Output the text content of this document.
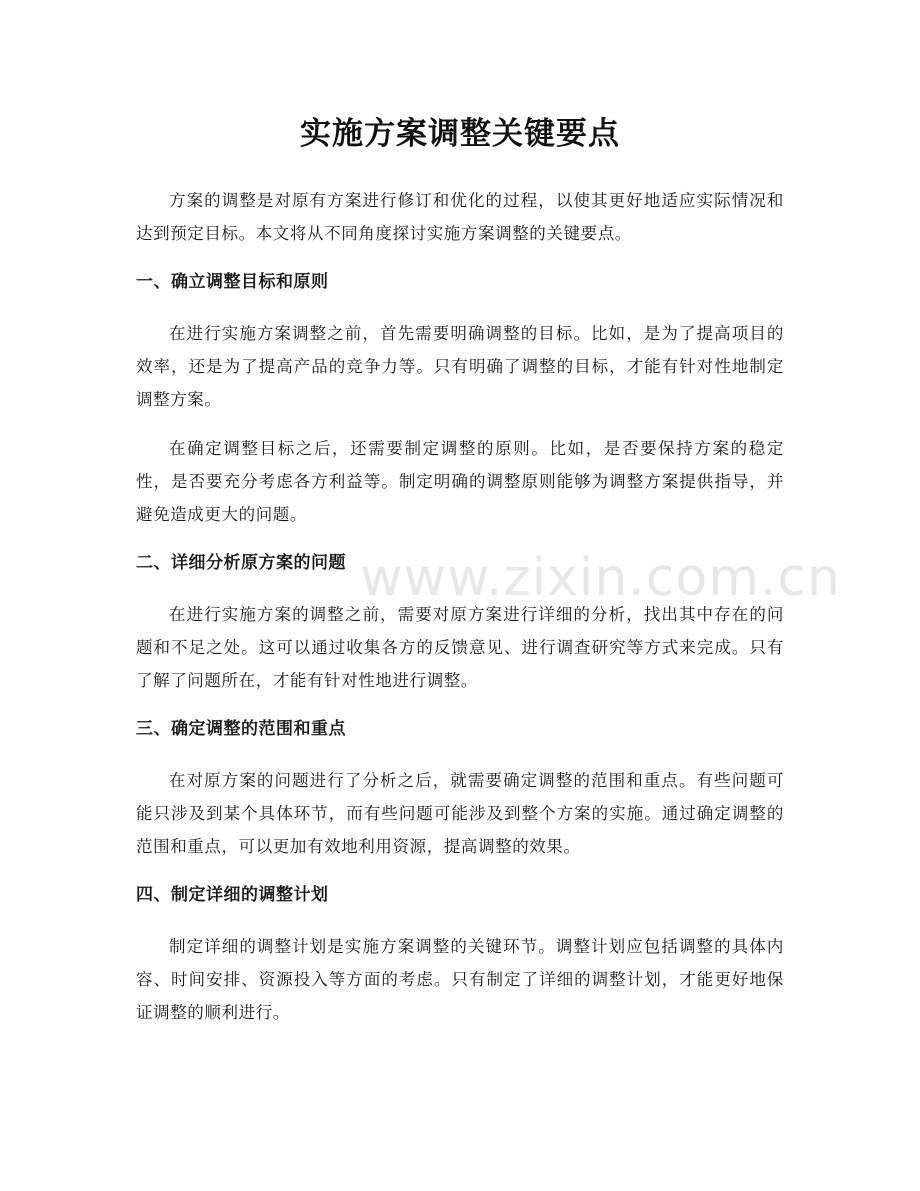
实施方案调整关键要点

方案的调整是对原有方案进行修订和优化的过程，以使其更好地适应实际情况和达到预定目标。本文将从不同角度探讨实施方案调整的关键要点。

一、确立调整目标和原则

在进行实施方案调整之前，首先需要明确调整的目标。比如，是为了提高项目的效率，还是为了提高产品的竞争力等。只有明确了调整的目标，才能有针对性地制定调整方案。

在确定调整目标之后，还需要制定调整的原则。比如，是否要保持方案的稳定性，是否要充分考虑各方利益等。制定明确的调整原则能够为调整方案提供指导，并避免造成更大的问题。

二、详细分析原方案的问题

在进行实施方案的调整之前，需要对原方案进行详细的分析，找出其中存在的问题和不足之处。这可以通过收集各方的反馈意见、进行调查研究等方式来完成。只有了解了问题所在，才能有针对性地进行调整。

三、确定调整的范围和重点

在对原方案的问题进行了分析之后，就需要确定调整的范围和重点。有些问题可能只涉及到某个具体环节，而有些问题可能涉及到整个方案的实施。通过确定调整的范围和重点，可以更加有效地利用资源，提高调整的效果。

四、制定详细的调整计划

制定详细的调整计划是实施方案调整的关键环节。调整计划应包括调整的具体内容、时间安排、资源投入等方面的考虑。只有制定了详细的调整计划，才能更好地保证调整的顺利进行。

www.zixin.com.cn
